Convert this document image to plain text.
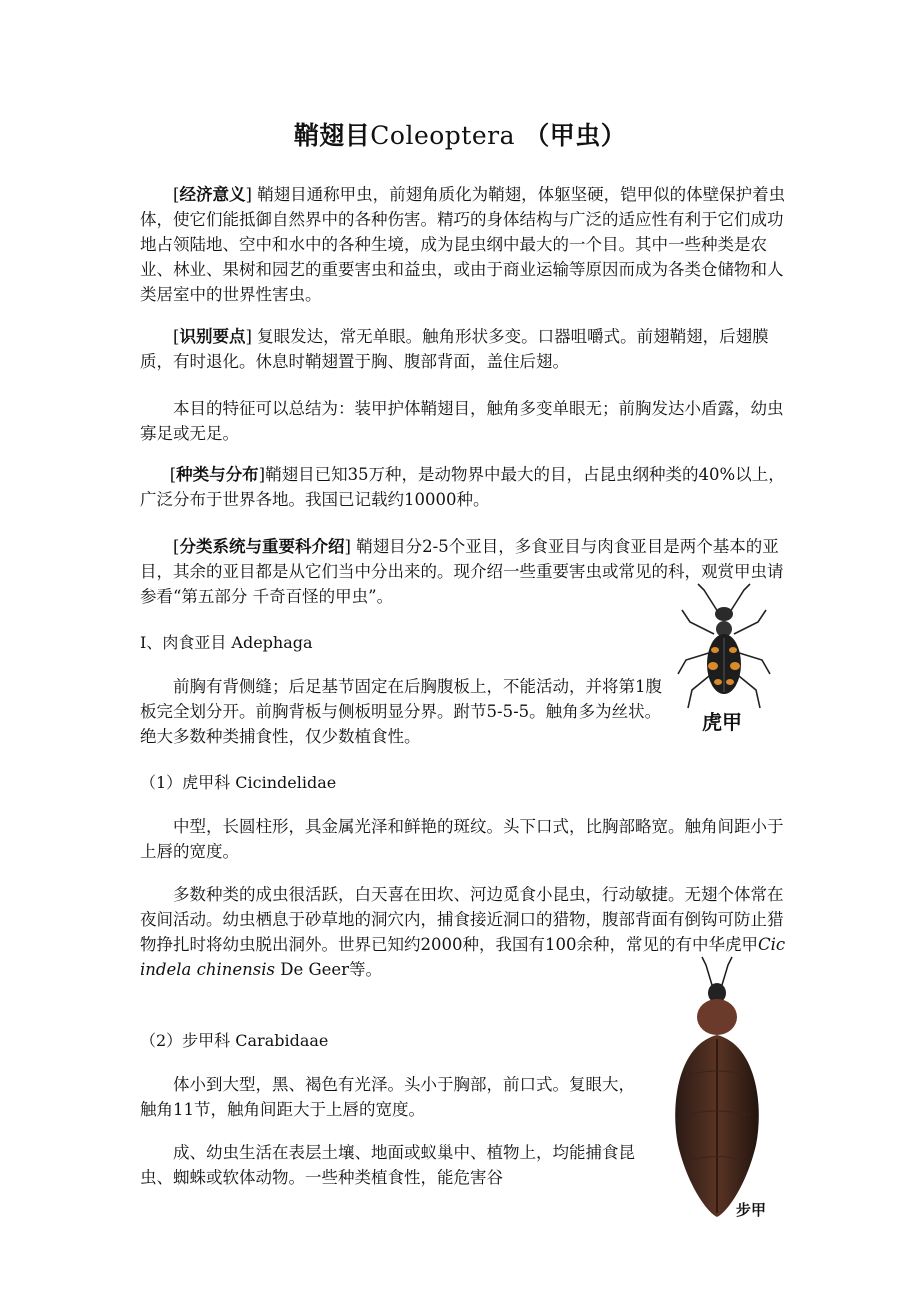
鞘翅目Coleoptera （甲虫）

[经济意义] 鞘翅目通称甲虫，前翅角质化为鞘翅，体躯坚硬，铠甲似的体壁保护着虫体，使它们能抵御自然界中的各种伤害。精巧的身体结构与广泛的适应性有利于它们成功地占领陆地、空中和水中的各种生境，成为昆虫纲中最大的一个目。其中一些种类是农业、林业、果树和园艺的重要害虫和益虫，或由于商业运输等原因而成为各类仓储物和人类居室中的世界性害虫。

[识别要点] 复眼发达，常无单眼。触角形状多变。口器咀嚼式。前翅鞘翅，后翅膜质，有时退化。休息时鞘翅置于胸、腹部背面，盖住后翅。

本目的特征可以总结为：装甲护体鞘翅目，触角多变单眼无；前胸发达小盾露，幼虫寡足或无足。

[种类与分布]鞘翅目已知35万种，是动物界中最大的目，占昆虫纲种类的40%以上，广泛分布于世界各地。我国已记载约10000种。

[分类系统与重要科介绍] 鞘翅目分2-5个亚目，多食亚目与肉食亚目是两个基本的亚目，其余的亚目都是从它们当中分出来的。现介绍一些重要害虫或常见的科，观赏甲虫请参看“第五部分 千奇百怪的甲虫”。

I、肉食亚目 Adephaga

前胸有背侧缝；后足基节固定在后胸腹板上，不能活动，并将第1腹板完全划分开。前胸背板与侧板明显分界。跗节5-5-5。触角多为丝状。绝大多数种类捕食性，仅少数植食性。

（1）虎甲科 Cicindelidae

中型，长圆柱形，具金属光泽和鲜艳的斑纹。头下口式，比胸部略宽。触角间距小于上唇的宽度。

多数种类的成虫很活跃，白天喜在田坎、河边觅食小昆虫，行动敏捷。无翅个体常在夜间活动。幼虫栖息于砂草地的洞穴内，捕食接近洞口的猎物，腹部背面有倒钩可防止猎物挣扎时将幼虫脱出洞外。世界已知约2000种，我国有100余种，常见的有中华虎甲Cicindela chinensis De Geer等。

（2）步甲科 Carabidaae

体小到大型，黑、褐色有光泽。头小于胸部，前口式。复眼大，触角11节，触角间距大于上唇的宽度。

成、幼虫生活在表层土壤、地面或蚁巢中、植物上，均能捕食昆虫、蜘蛛或软体动物。一些种类植食性，能危害谷

虎甲
步甲
